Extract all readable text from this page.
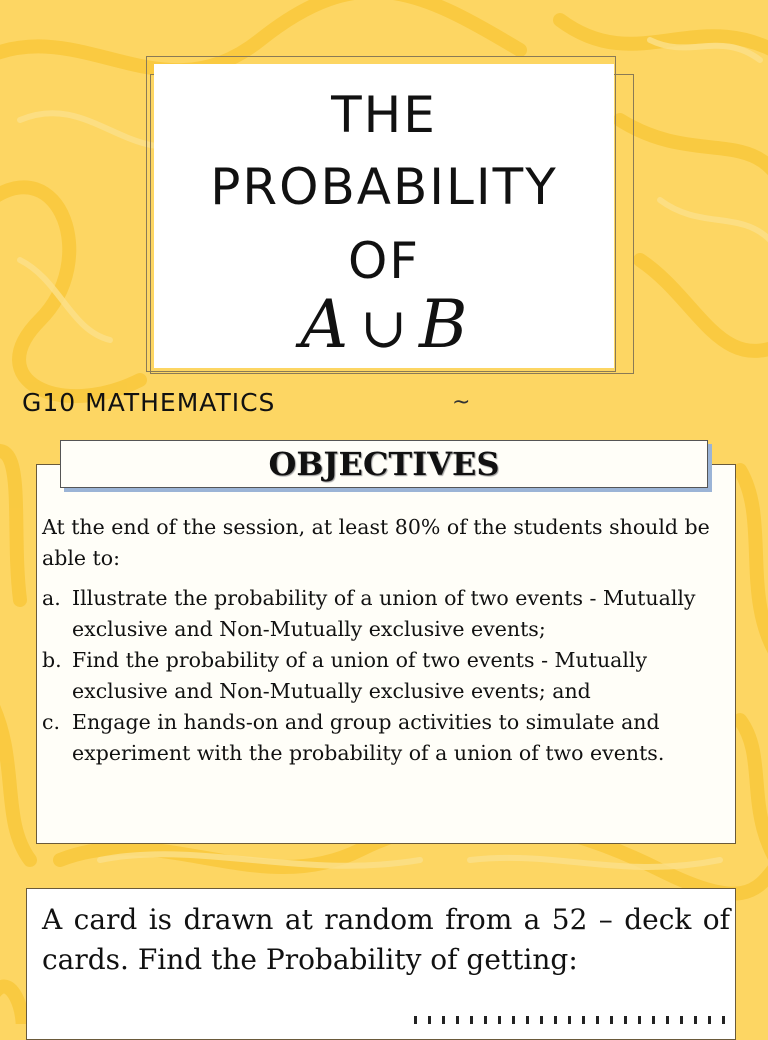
THE
PROBABILITY
OF
A ∪ B
G10 MATHEMATICS	~
OBJECTIVES

At the end of the session, at least 80% of the students should be able to:

a. Illustrate the probability of a union of two events - Mutually exclusive and Non-Mutually exclusive events;
b. Find the probability of a union of two events - Mutually exclusive and Non-Mutually exclusive events; and
c. Engage in hands-on and group activities to simulate and experiment with the probability of a union of two events.
A card is drawn at random from a 52 – deck of cards. Find the Probability of getting:
